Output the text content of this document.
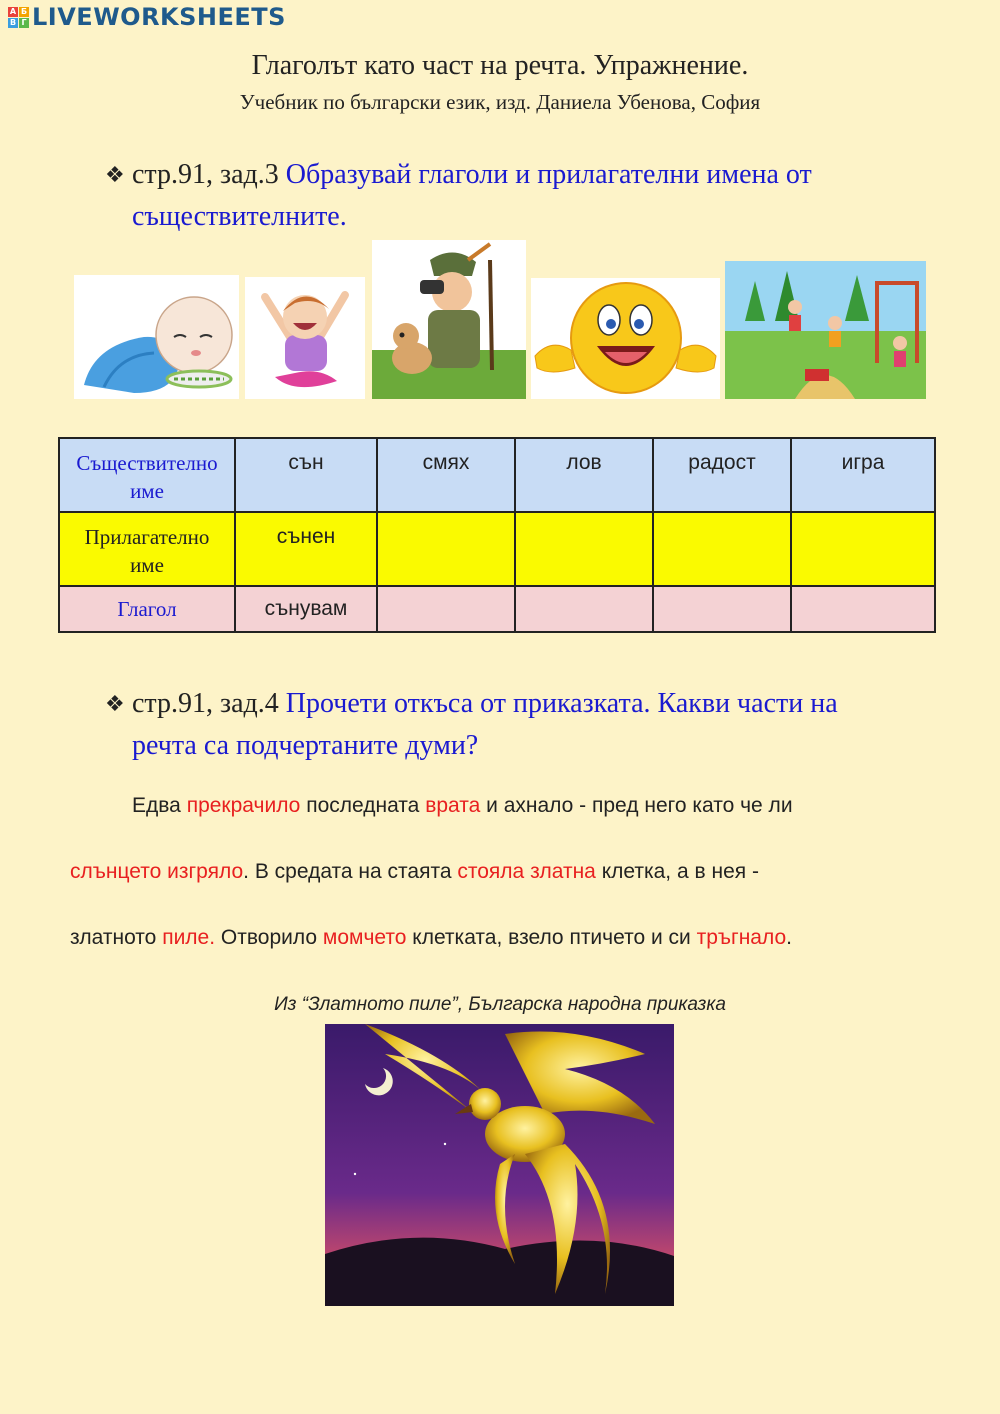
А Б
В Г LIVEWORKSHEETS
Глаголът като част на речта. Упражнение.
Учебник по български език, изд. Даниела Убенова, София
❖ стр.91, зад.3 Образувай глаголи и прилагателни имена от съществителните.
Съществително име	сън	смях	лов	радост	игра
Прилагателно име	сънен				
Глагол	сънувам				
❖ стр.91, зад.4 Прочети откъса от приказката. Какви части на речта са подчертаните думи?
Едва прекрачило последната врата и ахнало - пред него като че ли
слънцето изгряло. В средата на стаята стояла златна клетка, а в нея -
златното пиле. Отворило момчето клетката, взело птичето и си тръгнало.
Из “Златното пиле”, Българска народна приказка
